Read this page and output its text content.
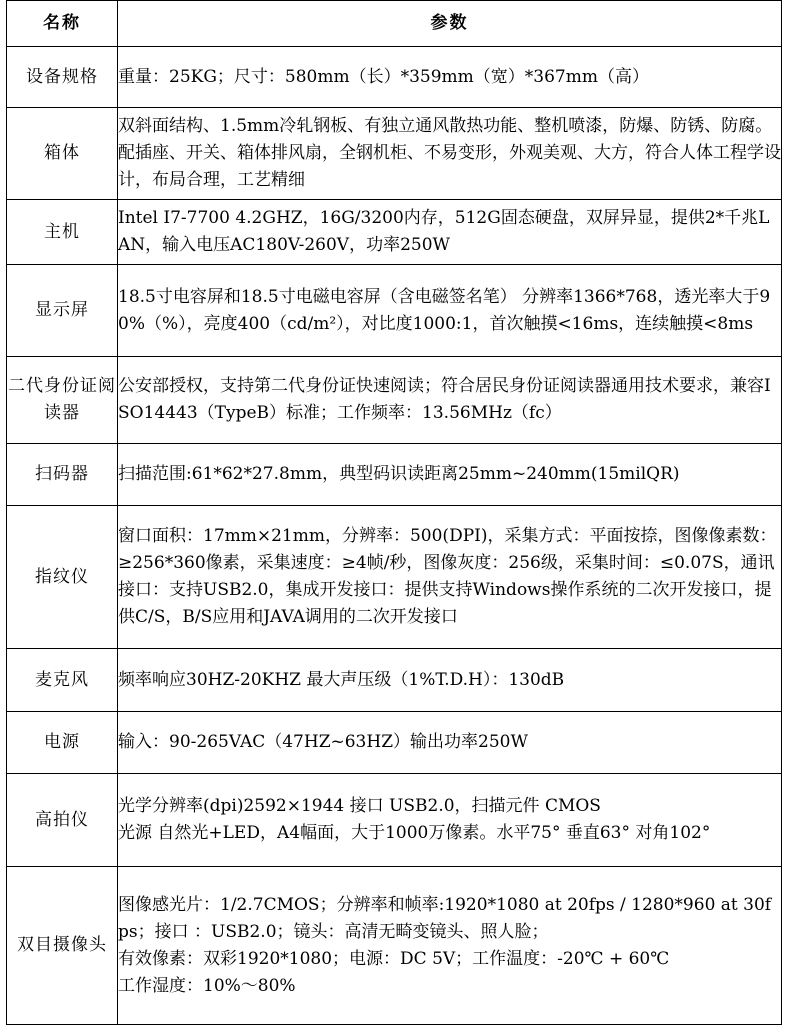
名称	参数
设备规格	重量：25KG；尺寸：580mm（长）*359mm（宽）*367mm（高）

箱体	双斜面结构、1.5mm冷轧钢板、有独立通风散热功能、整机喷漆，防爆、防锈、防腐。配插座、开关、箱体排风扇，全钢机柜、不易变形，外观美观、大方，符合人体工程学设计，布局合理，工艺精细

主机	Intel I7-7700 4.2GHZ，16G/3200内存，512G固态硬盘，双屏异显，提供2*千兆LAN，输入电压AC180V-260V，功率250W

显示屏	18.5寸电容屏和18.5寸电磁电容屏（含电磁签名笔） 分辨率1366*768，透光率大于90%（%），亮度400（cd/m²），对比度1000:1，首次触摸<16ms，连续触摸<8ms

二代身份证阅读器	公安部授权，支持第二代身份证快速阅读；符合居民身份证阅读器通用技术要求，兼容ISO14443（TypeB）标准；工作频率：13.56MHz（fc）

扫码器	扫描范围:61*62*27.8mm，典型码识读距离25mm~240mm(15milQR)

指纹仪	窗口面积：17mm×21mm，分辨率：500(DPI)，采集方式：平面按捺，图像像素数：≥256*360像素，采集速度：≥4帧/秒，图像灰度：256级，采集时间：≤0.07S，通讯接口：支持USB2.0，集成开发接口：提供支持Windows操作系统的二次开发接口，提供C/S，B/S应用和JAVA调用的二次开发接口

麦克风	频率响应30HZ-20KHZ 最大声压级（1%T.D.H）：130dB

电源	输入：90-265VAC（47HZ~63HZ）输出功率250W

高拍仪	光学分辨率(dpi)2592×1944 接口 USB2.0，扫描元件 CMOS
光源 自然光+LED，A4幅面，大于1000万像素。水平75° 垂直63° 对角102°

双目摄像头	图像感光片：1/2.7CMOS；分辨率和帧率:1920*1080 at 20fps / 1280*960 at 30fps；接口 ：USB2.0；镜头：高清无畸变镜头、照人脸；
有效像素：双彩1920*1080；电源：DC 5V；工作温度：-20℃ + 60℃
工作湿度：10%～80%
